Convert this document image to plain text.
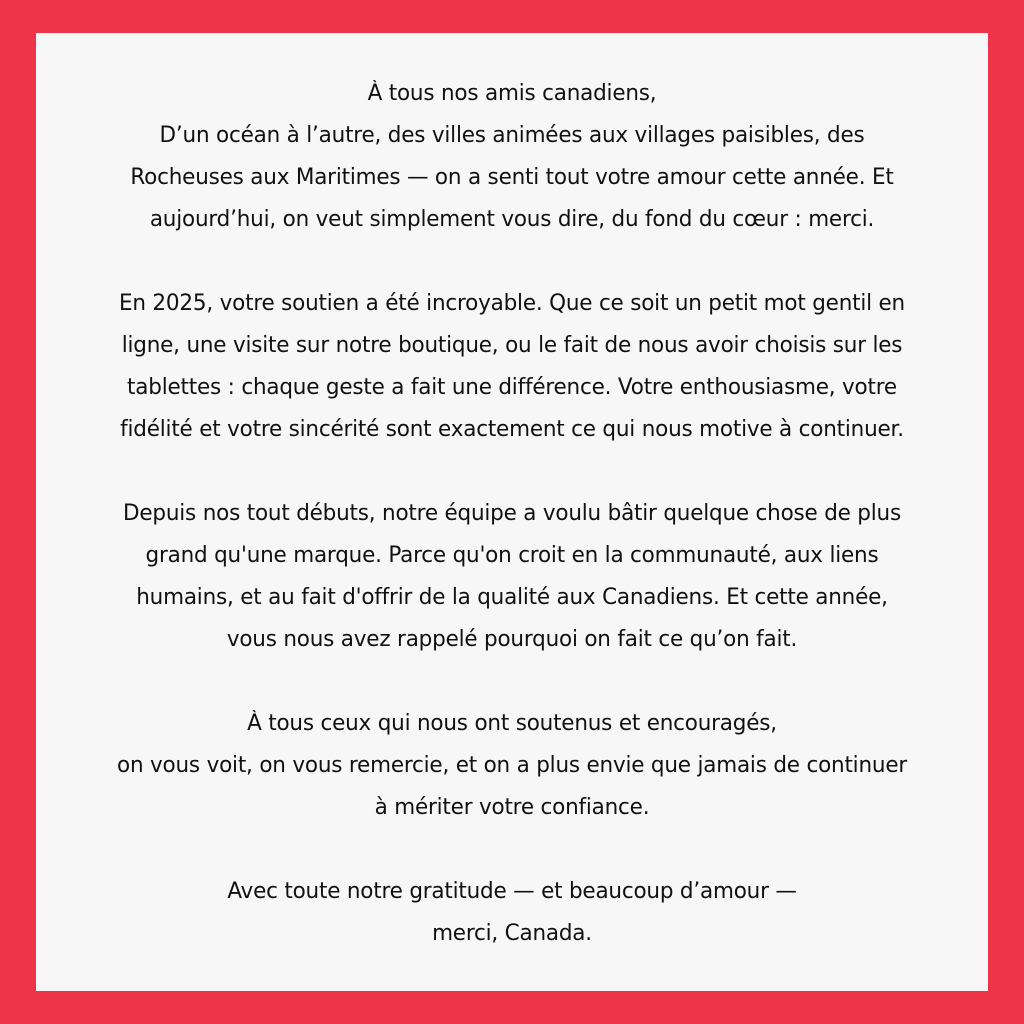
À tous nos amis canadiens,
D’un océan à l’autre, des villes animées aux villages paisibles, des
Rocheuses aux Maritimes — on a senti tout votre amour cette année. Et
aujourd’hui, on veut simplement vous dire, du fond du cœur : merci.

En 2025, votre soutien a été incroyable. Que ce soit un petit mot gentil en
ligne, une visite sur notre boutique, ou le fait de nous avoir choisis sur les
tablettes : chaque geste a fait une différence. Votre enthousiasme, votre
fidélité et votre sincérité sont exactement ce qui nous motive à continuer.

Depuis nos tout débuts, notre équipe a voulu bâtir quelque chose de plus
grand qu'une marque. Parce qu'on croit en la communauté, aux liens
humains, et au fait d'offrir de la qualité aux Canadiens. Et cette année,
vous nous avez rappelé pourquoi on fait ce qu’on fait.

À tous ceux qui nous ont soutenus et encouragés,
on vous voit, on vous remercie, et on a plus envie que jamais de continuer
à mériter votre confiance.

Avec toute notre gratitude — et beaucoup d’amour —
merci, Canada.
